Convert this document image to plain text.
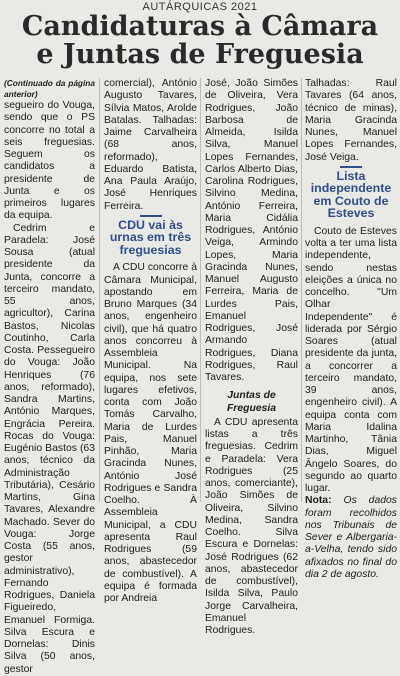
AUTÁRQUICAS 2021
Candidaturas à Câmara
e Juntas de Freguesia

(Continuado da página anterior)

segueiro do Vouga, sendo que o PS concorre no total a seis freguesias. Seguem os candidatos a presidente de Junta e os primeiros lugares da equipa.

Cedrim e Paradela: José Sousa (atual presidente da Junta, concorre a terceiro mandato, 55 anos, agricultor), Carina Bastos, Nicolas Coutinho, Carla Costa. Pessegueiro do Vouga: João Henriques (76 anos, reformado), Sandra Martins, António Marques, Engrácia Pereira. Rocas do Vouga: Eugénio Bastos (63 anos, técnico da Administração Tributária), Cesário Martins, Gina Tavares, Alexandre Machado. Sever do Vouga: Jorge Costa (55 anos, gestor administrativo), Fernando Rodrigues, Daniela Figueiredo, Emanuel Formiga. Silva Escura e Dornelas: Dinis Silva (50 anos, gestor

comercial), António Augusto Tavares, Sílvia Matos, Arolde Batalas. Talhadas: Jaime Carvalheira (68 anos, reformado), Eduardo Batista, Ana Paula Araújo, José Henriques Ferreira.

CDU vai às urnas em três freguesias

A CDU concorre à Câmara Municipal, apostando em Bruno Marques (34 anos, engenheiro civil), que há quatro anos concorreu à Assembleia Municipal. Na equipa, nos sete lugares efetivos, conta com João Tomás Carvalho, Maria de Lurdes Pais, Manuel Pinhão, Maria Gracinda Nunes, António José Rodrigues e Sandra Coelho. À Assembleia Municipal, a CDU apresenta Raul Rodrigues (59 anos, abastecedor de combustível). A equipa é formada por Andreia

José, João Simões de Oliveira, Vera Rodrigues, João Barbosa de Almeida, Isilda Silva, Manuel Lopes Fernandes, Carlos Alberto Dias, Carolina Rodrigues, Silvino Medina, António Ferreira, Maria Cidália Rodrigues, António Veiga, Armindo Lopes, Maria Gracinda Nunes, Manuel Augusto Ferreira, Maria de Lurdes Pais, Emanuel Rodrigues, José Armando Rodrigues, Diana Rodrigues, Raul Tavares.

Juntas de Freguesia

A CDU apresenta listas a três freguesias. Cedrim e Paradela: Vera Rodrigues (25 anos, comerciante), João Simões de Oliveira, Silvino Medina, Sandra Coelho. Silva Escura e Dornelas: José Rodrigues (62 anos, abastecedor de combustível), Isilda Silva, Paulo Jorge Carvalheira, Emanuel Rodrigues.

Talhadas: Raul Tavares (64 anos, técnico de minas), Maria Gracinda Nunes, Manuel Lopes Fernandes, José Veiga.

Lista independente em Couto de Esteves

Couto de Esteves volta a ter uma lista independente, sendo nestas eleições a única no concelho. "Um Olhar Independente" é liderada por Sérgio Soares (atual presidente da junta, a concorrer a terceiro mandato, 39 anos, engenheiro civil). A equipa conta com Maria Idalina Martinho, Tânia Dias, Miguel Ângelo Soares, do segundo ao quarto lugar.

Nota: Os dados foram recolhidos nos Tribunais de Sever e Albergaria-a-Velha, tendo sido afixados no final do dia 2 de agosto.
